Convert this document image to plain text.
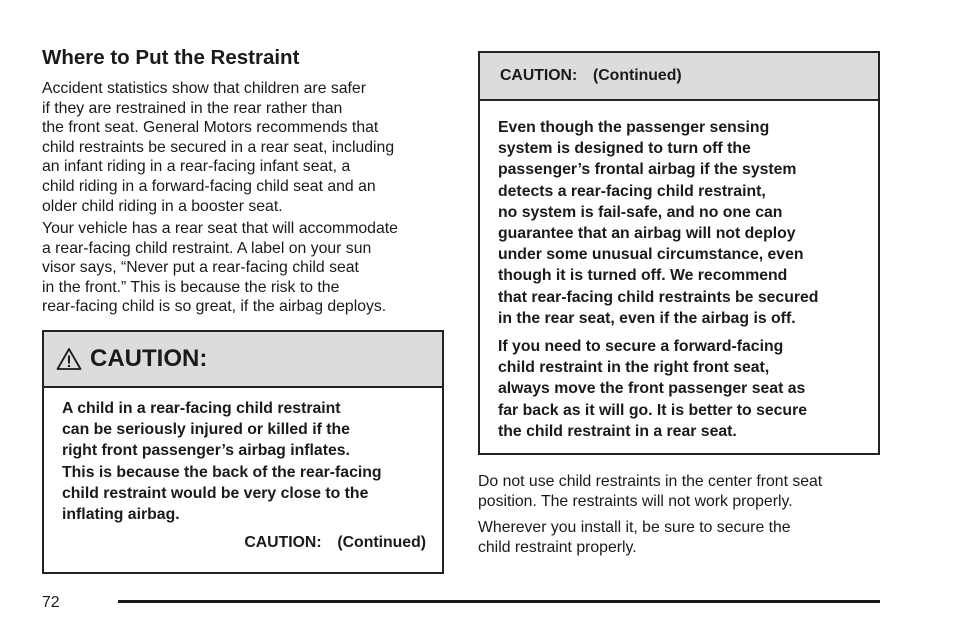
Where to Put the Restraint

Accident statistics show that children are safer
if they are restrained in the rear rather than
the front seat. General Motors recommends that
child restraints be secured in a rear seat, including
an infant riding in a rear-facing infant seat, a
child riding in a forward-facing child seat and an
older child riding in a booster seat.

Your vehicle has a rear seat that will accommodate
a rear-facing child restraint. A label on your sun
visor says, “Never put a rear-facing child seat
in the front.” This is because the risk to the
rear-facing child is so great, if the airbag deploys.

CAUTION:
A child in a rear-facing child restraint
can be seriously injured or killed if the
right front passenger’s airbag inflates.
This is because the back of the rear-facing
child restraint would be very close to the
inflating airbag.
CAUTION: (Continued)
CAUTION: (Continued)
Even though the passenger sensing
system is designed to turn off the
passenger’s frontal airbag if the system
detects a rear-facing child restraint,
no system is fail-safe, and no one can
guarantee that an airbag will not deploy
under some unusual circumstance, even
though it is turned off. We recommend
that rear-facing child restraints be secured
in the rear seat, even if the airbag is off.
If you need to secure a forward-facing
child restraint in the right front seat,
always move the front passenger seat as
far back as it will go. It is better to secure
the child restraint in a rear seat.

Do not use child restraints in the center front seat
position. The restraints will not work properly.

Wherever you install it, be sure to secure the
child restraint properly.

72
